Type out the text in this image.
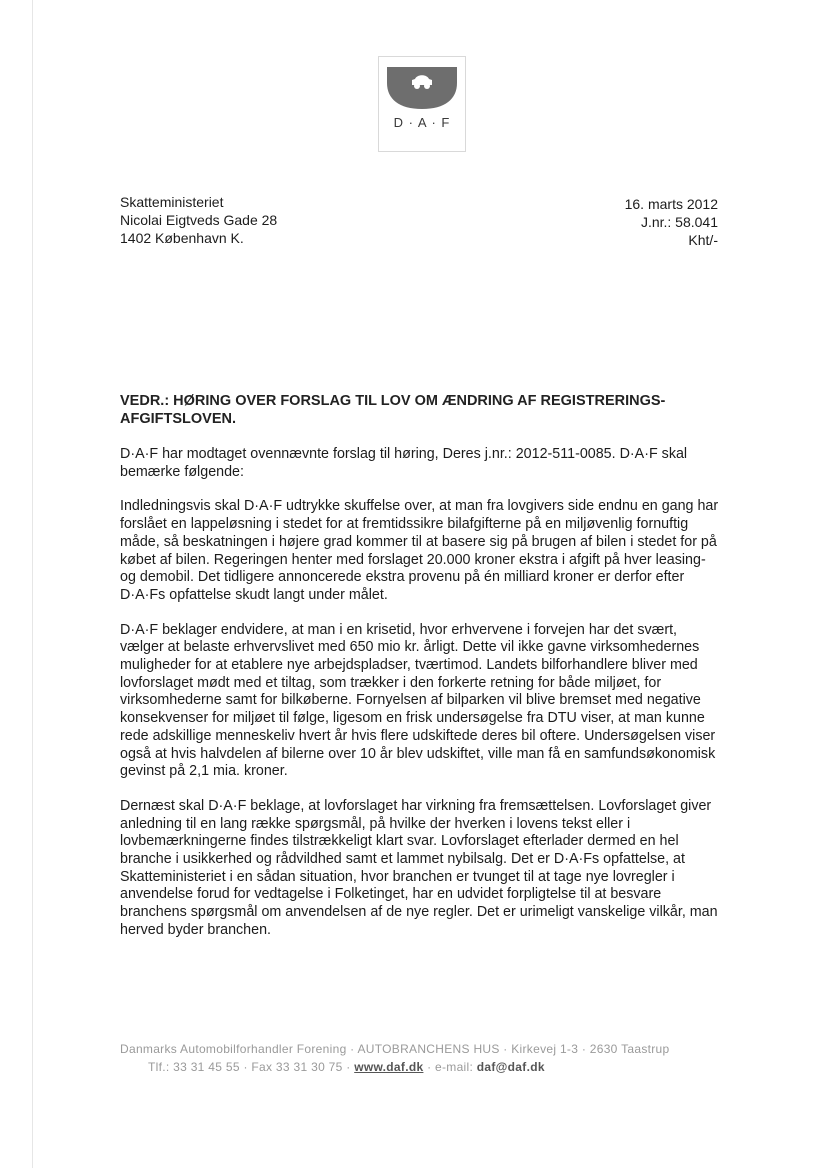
D · A · F
Skatteministeriet
Nicolai Eigtveds Gade 28
1402 København K.
16. marts 2012
J.nr.: 58.041
Kht/-
VEDR.: HØRING OVER FORSLAG TIL LOV OM ÆNDRING AF REGISTRERINGS-
AFGIFTSLOVEN.

D·A·F har modtaget ovennævnte forslag til høring, Deres j.nr.: 2012-511-0085. D·A·F skal bemærke følgende:

Indledningsvis skal D·A·F udtrykke skuffelse over, at man fra lovgivers side endnu en gang har forslået en lappeløsning i stedet for at fremtidssikre bilafgifterne på en miljøvenlig fornuftig måde, så beskatningen i højere grad kommer til at basere sig på brugen af bilen i stedet for på købet af bilen. Regeringen henter med forslaget 20.000 kroner ekstra i afgift på hver leasing- og demobil. Det tidligere annoncerede ekstra provenu på én milliard kroner er derfor efter D·A·Fs opfattelse skudt langt under målet.

D·A·F beklager endvidere, at man i en krisetid, hvor erhvervene i forvejen har det svært, vælger at belaste erhvervslivet med 650 mio kr. årligt. Dette vil ikke gavne virksomhedernes muligheder for at etablere nye arbejdspladser, tværtimod. Landets bilforhandlere bliver med lovforslaget mødt med et tiltag, som trækker i den forkerte retning for både miljøet, for virksomhederne samt for bilkøberne. Fornyelsen af bilparken vil blive bremset med negative konsekvenser for miljøet til følge, ligesom en frisk undersøgelse fra DTU viser, at man kunne rede adskillige menneskeliv hvert år hvis flere udskiftede deres bil oftere. Undersøgelsen viser også at hvis halvdelen af bilerne over 10 år blev udskiftet, ville man få en samfundsøkonomisk gevinst på 2,1 mia. kroner.

Dernæst skal D·A·F beklage, at lovforslaget har virkning fra fremsættelsen. Lovforslaget giver anledning til en lang række spørgsmål, på hvilke der hverken i lovens tekst eller i lovbemærkningerne findes tilstrækkeligt klart svar. Lovforslaget efterlader dermed en hel branche i usikkerhed og rådvildhed samt et lammet nybilsalg. Det er D·A·Fs opfattelse, at Skatteministeriet i en sådan situation, hvor branchen er tvunget til at tage nye lovregler i anvendelse forud for vedtagelse i Folketinget, har en udvidet forpligtelse til at besvare branchens spørgsmål om anvendelsen af de nye regler. Det er urimeligt vanskelige vilkår, man herved byder branchen.

Danmarks Automobilforhandler Forening · AUTOBRANCHENS HUS · Kirkevej 1-3 · 2630 Taastrup
Tlf.: 33 31 45 55 · Fax 33 31 30 75 · www.daf.dk · e-mail: daf@daf.dk
